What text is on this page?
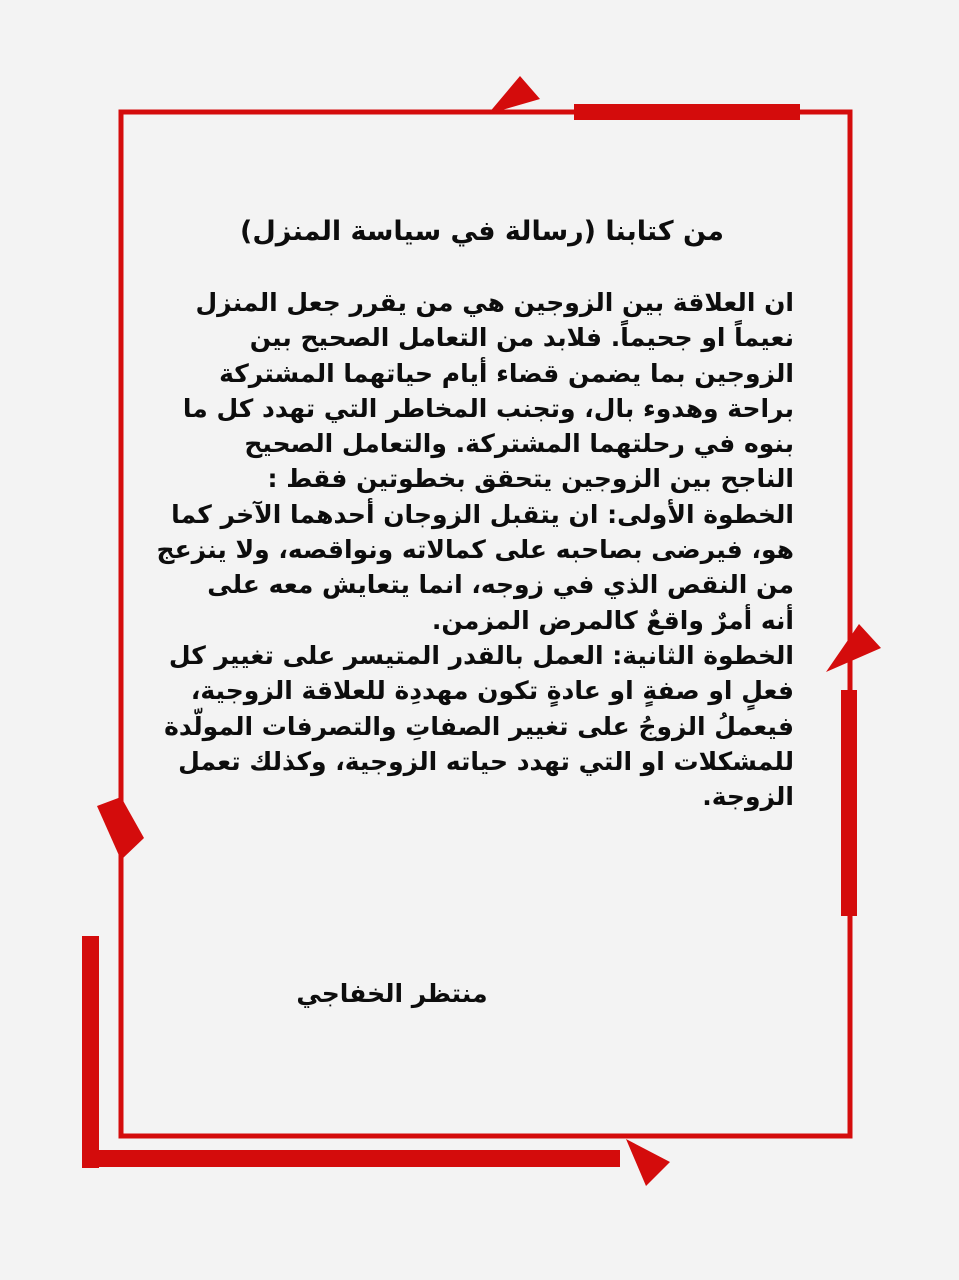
من كتابنا (رسالة في سياسة المنزل)

ان العلاقة بين الزوجين هي من يقرر جعل المنزل

نعيماً او جحيماً. فلابد من التعامل الصحيح بين

الزوجين بما يضمن قضاء أيام حياتهما المشتركة

براحة وهدوء بال، وتجنب المخاطر التي تهدد كل ما

بنوه في رحلتهما المشتركة. والتعامل الصحيح

الناجح بين الزوجين يتحقق بخطوتين فقط :

الخطوة الأولى: ان يتقبل الزوجان أحدهما الآخر كما

هو، فيرضى بصاحبه على كمالاته ونواقصه، ولا ينزعج

من النقص الذي في زوجه، انما يتعايش معه على

أنه أمرٌ واقعٌ كالمرض المزمن.

الخطوة الثانية: العمل بالقدر المتيسر على تغيير كل

فعلٍ او صفةٍ او عادةٍ تكون مهددِة للعلاقة الزوجية،

فيعملُ الزوجُ على تغيير الصفاتِ والتصرفات المولّدة

للمشكلات او التي تهدد حياته الزوجية، وكذلك تعمل

الزوجة.

منتظر الخفاجي
